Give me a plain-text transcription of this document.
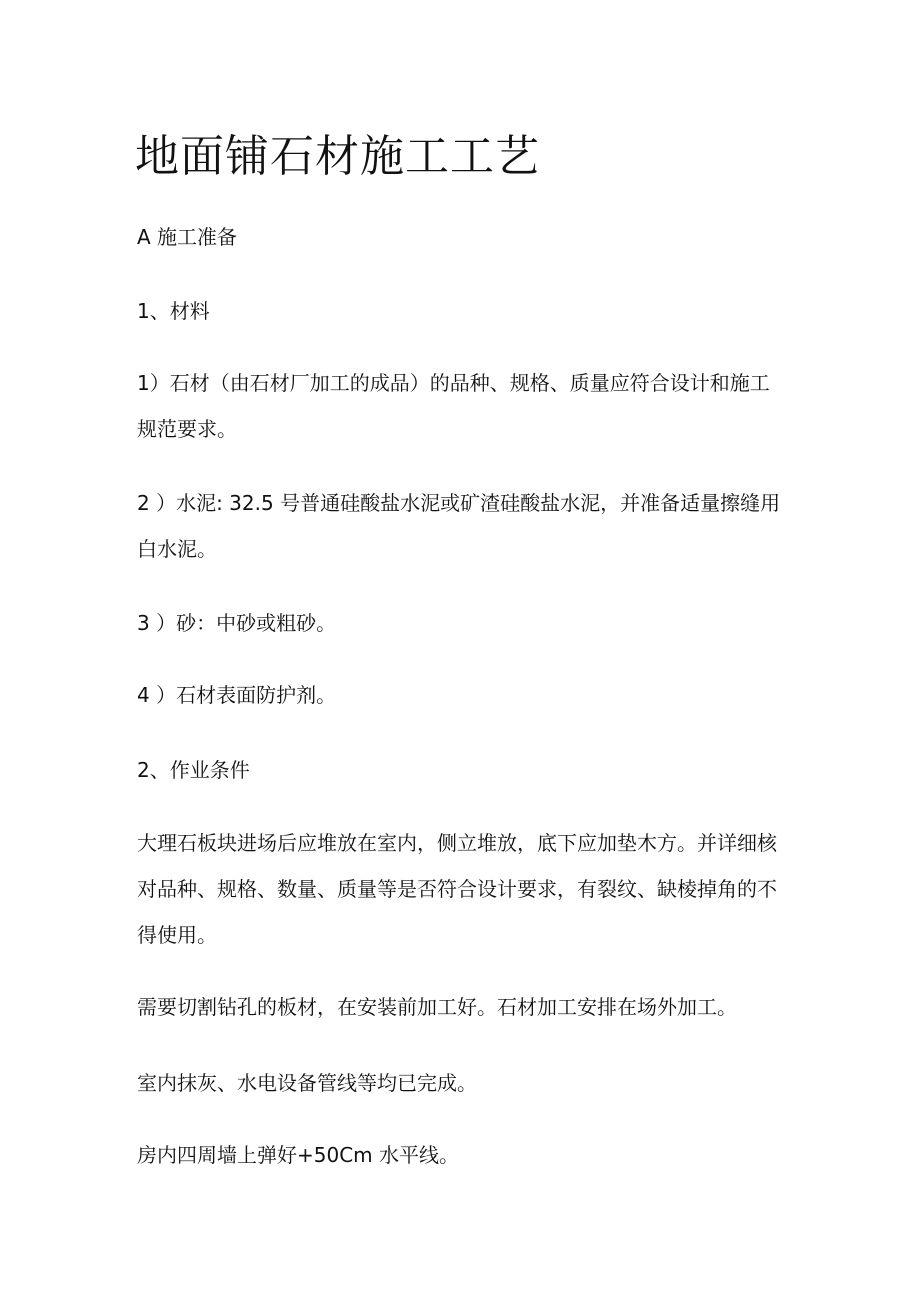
地面铺石材施工工艺

A 施工准备

1、材料

1）石材（由石材厂加工的成品）的品种、规格、质量应符合设计和施工规范要求。

2 ）水泥: 32.5 号普通硅酸盐水泥或矿渣硅酸盐水泥，并准备适量擦缝用白水泥。

3 ）砂：中砂或粗砂。

4 ）石材表面防护剂。

2、作业条件

大理石板块进场后应堆放在室内，侧立堆放，底下应加垫木方。并详细核对品种、规格、数量、质量等是否符合设计要求，有裂纹、缺棱掉角的不得使用。

需要切割钻孔的板材，在安装前加工好。石材加工安排在场外加工。

室内抹灰、水电设备管线等均已完成。

房内四周墙上弹好+50Cm 水平线。
